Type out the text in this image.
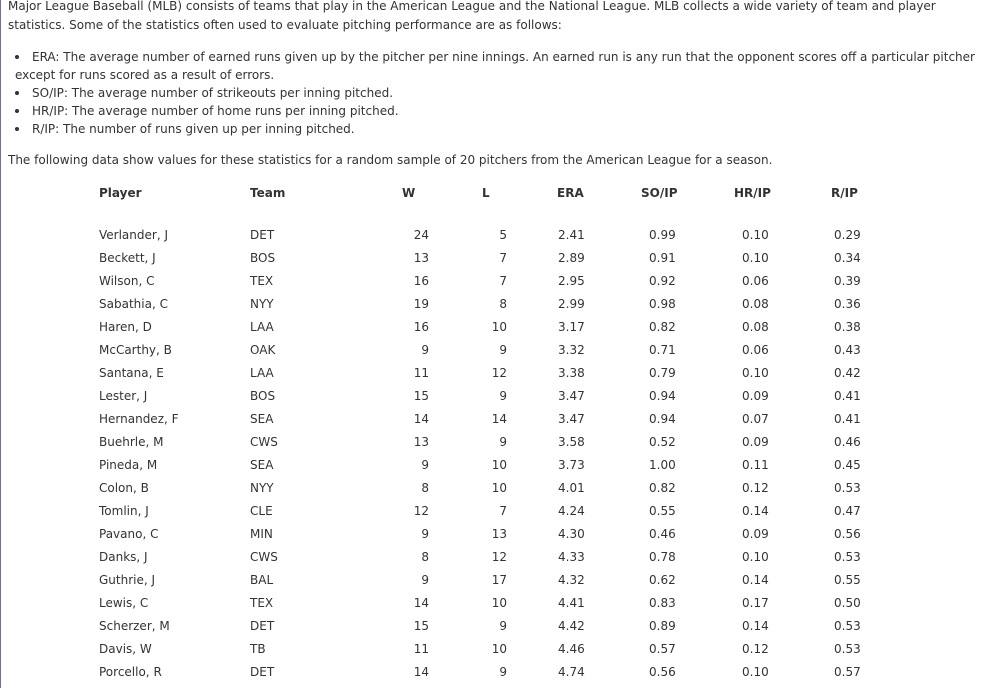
Major League Baseball (MLB) consists of teams that play in the American League and the National League. MLB collects a wide variety of team and player
statistics. Some of the statistics often used to evaluate pitching performance are as follows:
ERA: The average number of earned runs given up by the pitcher per nine innings. An earned run is any run that the opponent scores off a particular pitcher
except for runs scored as a result of errors.
SO/IP: The average number of strikeouts per inning pitched.
HR/IP: The average number of home runs per inning pitched.
R/IP: The number of runs given up per inning pitched.
The following data show values for these statistics for a random sample of 20 pitchers from the American League for a season.
Player	Team	W	L	ERA	SO/IP	HR/IP	R/IP
Verlander, J	DET	24	5	2.41	0.99	0.10	0.29
Beckett, J	BOS	13	7	2.89	0.91	0.10	0.34
Wilson, C	TEX	16	7	2.95	0.92	0.06	0.39
Sabathia, C	NYY	19	8	2.99	0.98	0.08	0.36
Haren, D	LAA	16	10	3.17	0.82	0.08	0.38
McCarthy, B	OAK	9	9	3.32	0.71	0.06	0.43
Santana, E	LAA	11	12	3.38	0.79	0.10	0.42
Lester, J	BOS	15	9	3.47	0.94	0.09	0.41
Hernandez, F	SEA	14	14	3.47	0.94	0.07	0.41
Buehrle, M	CWS	13	9	3.58	0.52	0.09	0.46
Pineda, M	SEA	9	10	3.73	1.00	0.11	0.45
Colon, B	NYY	8	10	4.01	0.82	0.12	0.53
Tomlin, J	CLE	12	7	4.24	0.55	0.14	0.47
Pavano, C	MIN	9	13	4.30	0.46	0.09	0.56
Danks, J	CWS	8	12	4.33	0.78	0.10	0.53
Guthrie, J	BAL	9	17	4.32	0.62	0.14	0.55
Lewis, C	TEX	14	10	4.41	0.83	0.17	0.50
Scherzer, M	DET	15	9	4.42	0.89	0.14	0.53
Davis, W	TB	11	10	4.46	0.57	0.12	0.53
Porcello, R	DET	14	9	4.74	0.56	0.10	0.57
